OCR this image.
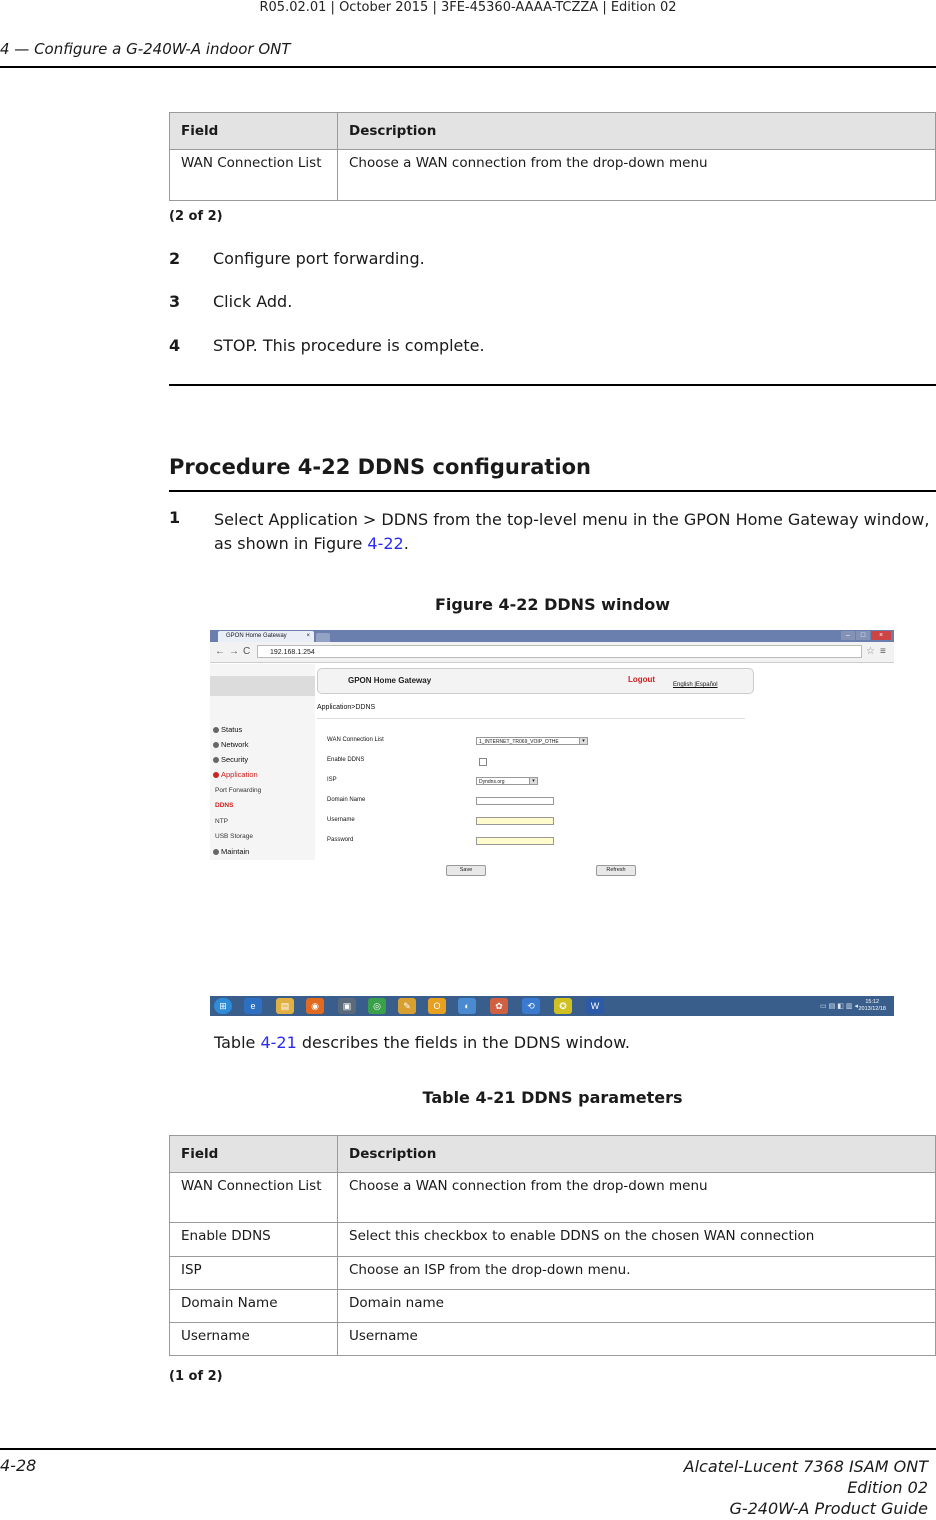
R05.02.01 | October 2015 | 3FE-45360-AAAA-TCZZA | Edition 02
4 — Configure a G-240W-A indoor ONT
Field	Description
WAN Connection List	Choose a WAN connection from the drop-down menu
(2 of 2)
2 Configure port forwarding.
3 Click Add.
4 STOP. This procedure is complete.
Procedure 4-22 DDNS configuration
1	Select Application > DDNS from the top-level menu in the GPON Home Gateway window, as shown in Figure 4-22.
Figure 4-22 DDNS window
GPON Home Gateway	×	– □ ×
← → C	192.168.1.254	☆ ≡
Status
Network
Security
Application
Port Forwarding
DDNS
NTP
USB Storage
Maintain
GPON Home Gateway	Logout
English |Español
Application>DDNS
WAN Connection List	1_INTERNET_TR069_VOIP_OTHE	▾
Enable DDNS
ISP	Dyndns.org	▾
Domain Name
Username
Password
Save	Refresh
⊞	e	▤	◉	▣	◎	✎	O	◐	✿	⟲	✪	W	▭▤◧▥◂
15:12
2013/12/18
Table 4-21 describes the fields in the DDNS window.
Table 4-21 DDNS parameters
Field	Description
WAN Connection List	Choose a WAN connection from the drop-down menu
Enable DDNS	Select this checkbox to enable DDNS on the chosen WAN connection
ISP	Choose an ISP from the drop-down menu.
Domain Name	Domain name
Username	Username
(1 of 2)
4-28	Alcatel-Lucent 7368 ISAM ONT
Edition 02
G-240W-A Product Guide
